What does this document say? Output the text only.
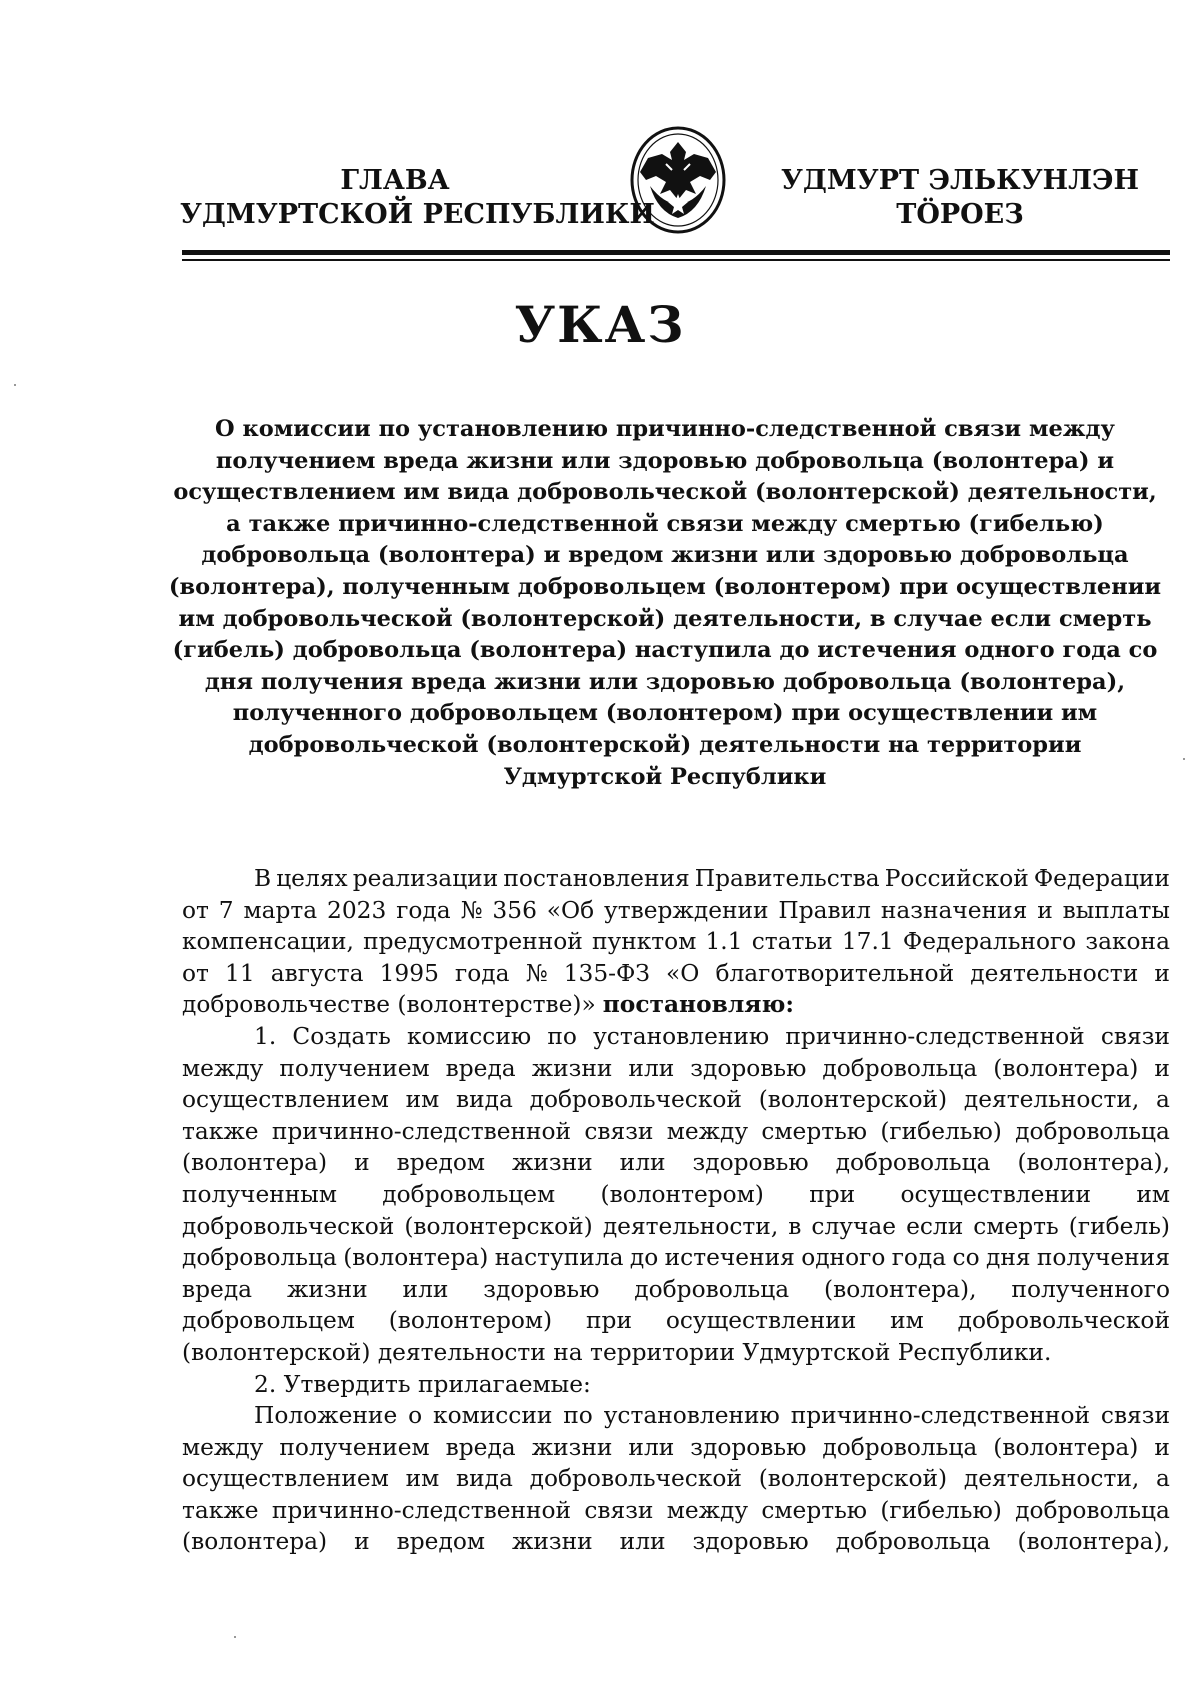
ГЛАВА
УДМУРТСКОЙ РЕСПУБЛИКИ
УДМУРТ ЭЛЬКУНЛЭН
ТӦРОЕЗ
УКАЗ
О комиссии по установлению причинно-следственной связи между
получением вреда жизни или здоровью добровольца (волонтера) и
осуществлением им вида добровольческой (волонтерской) деятельности,
а также причинно-следственной связи между смертью (гибелью)
добровольца (волонтера) и вредом жизни или здоровью добровольца
(волонтера), полученным добровольцем (волонтером) при осуществлении
им добровольческой (волонтерской) деятельности, в случае если смерть
(гибель) добровольца (волонтера) наступила до истечения одного года со
дня получения вреда жизни или здоровью добровольца (волонтера),
полученного добровольцем (волонтером) при осуществлении им
добровольческой (волонтерской) деятельности на территории
Удмуртской Республики
В целях реализации постановления Правительства Российской Федерации
от 7 марта 2023 года № 356 «Об утверждении Правил назначения и выплаты
компенсации, предусмотренной пунктом 1.1 статьи 17.1 Федерального закона
от 11 августа 1995 года № 135-ФЗ «О благотворительной деятельности и
добровольчестве (волонтерстве)» постановляю:
1. Создать комиссию по установлению причинно-следственной связи
между получением вреда жизни или здоровью добровольца (волонтера) и
осуществлением им вида добровольческой (волонтерской) деятельности, а
также причинно-следственной связи между смертью (гибелью) добровольца
(волонтера) и вредом жизни или здоровью добровольца (волонтера),
полученным добровольцем (волонтером) при осуществлении им
добровольческой (волонтерской) деятельности, в случае если смерть (гибель)
добровольца (волонтера) наступила до истечения одного года со дня получения
вреда жизни или здоровью добровольца (волонтера), полученного
добровольцем (волонтером) при осуществлении им добровольческой
(волонтерской) деятельности на территории Удмуртской Республики.
2. Утвердить прилагаемые:
Положение о комиссии по установлению причинно-следственной связи
между получением вреда жизни или здоровью добровольца (волонтера) и
осуществлением им вида добровольческой (волонтерской) деятельности, а
также причинно-следственной связи между смертью (гибелью) добровольца
(волонтера) и вредом жизни или здоровью добровольца (волонтера),
